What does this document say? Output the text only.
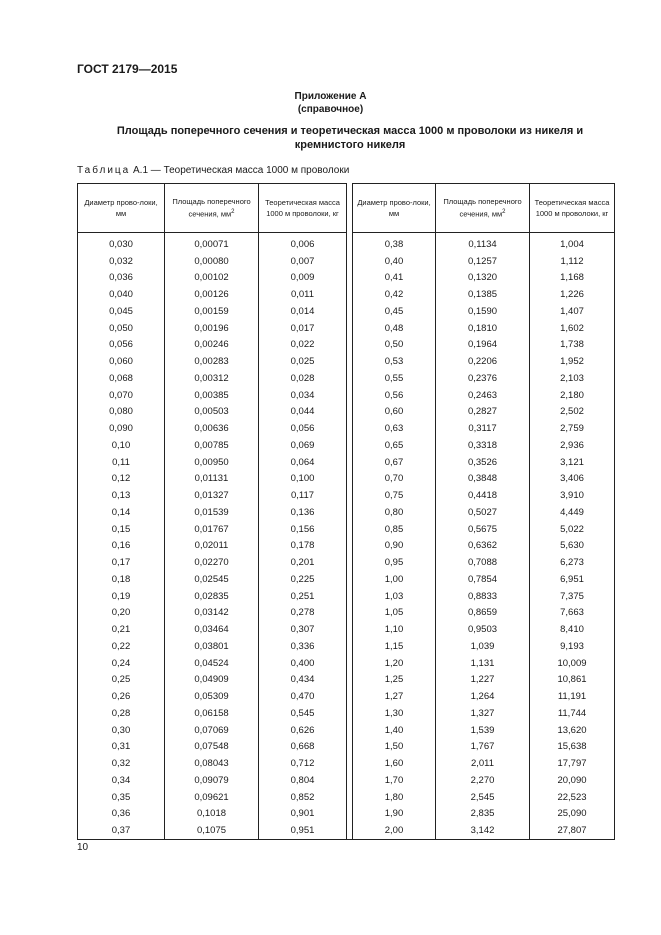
ГОСТ 2179—2015
Приложение А
(справочное)
Площадь поперечного сечения и теоретическая масса 1000 м проволоки из никеля и кремнистого никеля
Таблица А.1 — Теоретическая масса 1000 м проволоки
Диаметр прово-локи, мм	Площадь поперечного сечения, $мм^2$	Теоретическая масса 1000 м проволоки, кг		Диаметр прово-локи, мм	Площадь поперечного сечения, $мм^2$	Теоретическая масса 1000 м проволоки, кг
0,030	0,00071	0,006		0,38	0,1134	1,004
0,032	0,00080	0,007		0,40	0,1257	1,112
0,036	0,00102	0,009		0,41	0,1320	1,168
0,040	0,00126	0,011		0,42	0,1385	1,226
0,045	0,00159	0,014		0,45	0,1590	1,407
0,050	0,00196	0,017		0,48	0,1810	1,602
0,056	0,00246	0,022		0,50	0,1964	1,738
0,060	0,00283	0,025		0,53	0,2206	1,952
0,068	0,00312	0,028		0,55	0,2376	2,103
0,070	0,00385	0,034		0,56	0,2463	2,180
0,080	0,00503	0,044		0,60	0,2827	2,502
0,090	0,00636	0,056		0,63	0,3117	2,759
0,10	0,00785	0,069		0,65	0,3318	2,936
0,11	0,00950	0,064		0,67	0,3526	3,121
0,12	0,01131	0,100		0,70	0,3848	3,406
0,13	0,01327	0,117		0,75	0,4418	3,910
0,14	0,01539	0,136		0,80	0,5027	4,449
0,15	0,01767	0,156		0,85	0,5675	5,022
0,16	0,02011	0,178		0,90	0,6362	5,630
0,17	0,02270	0,201		0,95	0,7088	6,273
0,18	0,02545	0,225		1,00	0,7854	6,951
0,19	0,02835	0,251		1,03	0,8833	7,375
0,20	0,03142	0,278		1,05	0,8659	7,663
0,21	0,03464	0,307		1,10	0,9503	8,410
0,22	0,03801	0,336		1,15	1,039	9,193
0,24	0,04524	0,400		1,20	1,131	10,009
0,25	0,04909	0,434		1,25	1,227	10,861
0,26	0,05309	0,470		1,27	1,264	11,191
0,28	0,06158	0,545		1,30	1,327	11,744
0,30	0,07069	0,626		1,40	1,539	13,620
0,31	0,07548	0,668		1,50	1,767	15,638
0,32	0,08043	0,712		1,60	2,011	17,797
0,34	0,09079	0,804		1,70	2,270	20,090
0,35	0,09621	0,852		1,80	2,545	22,523
0,36	0,1018	0,901		1,90	2,835	25,090
0,37	0,1075	0,951		2,00	3,142	27,807
10
